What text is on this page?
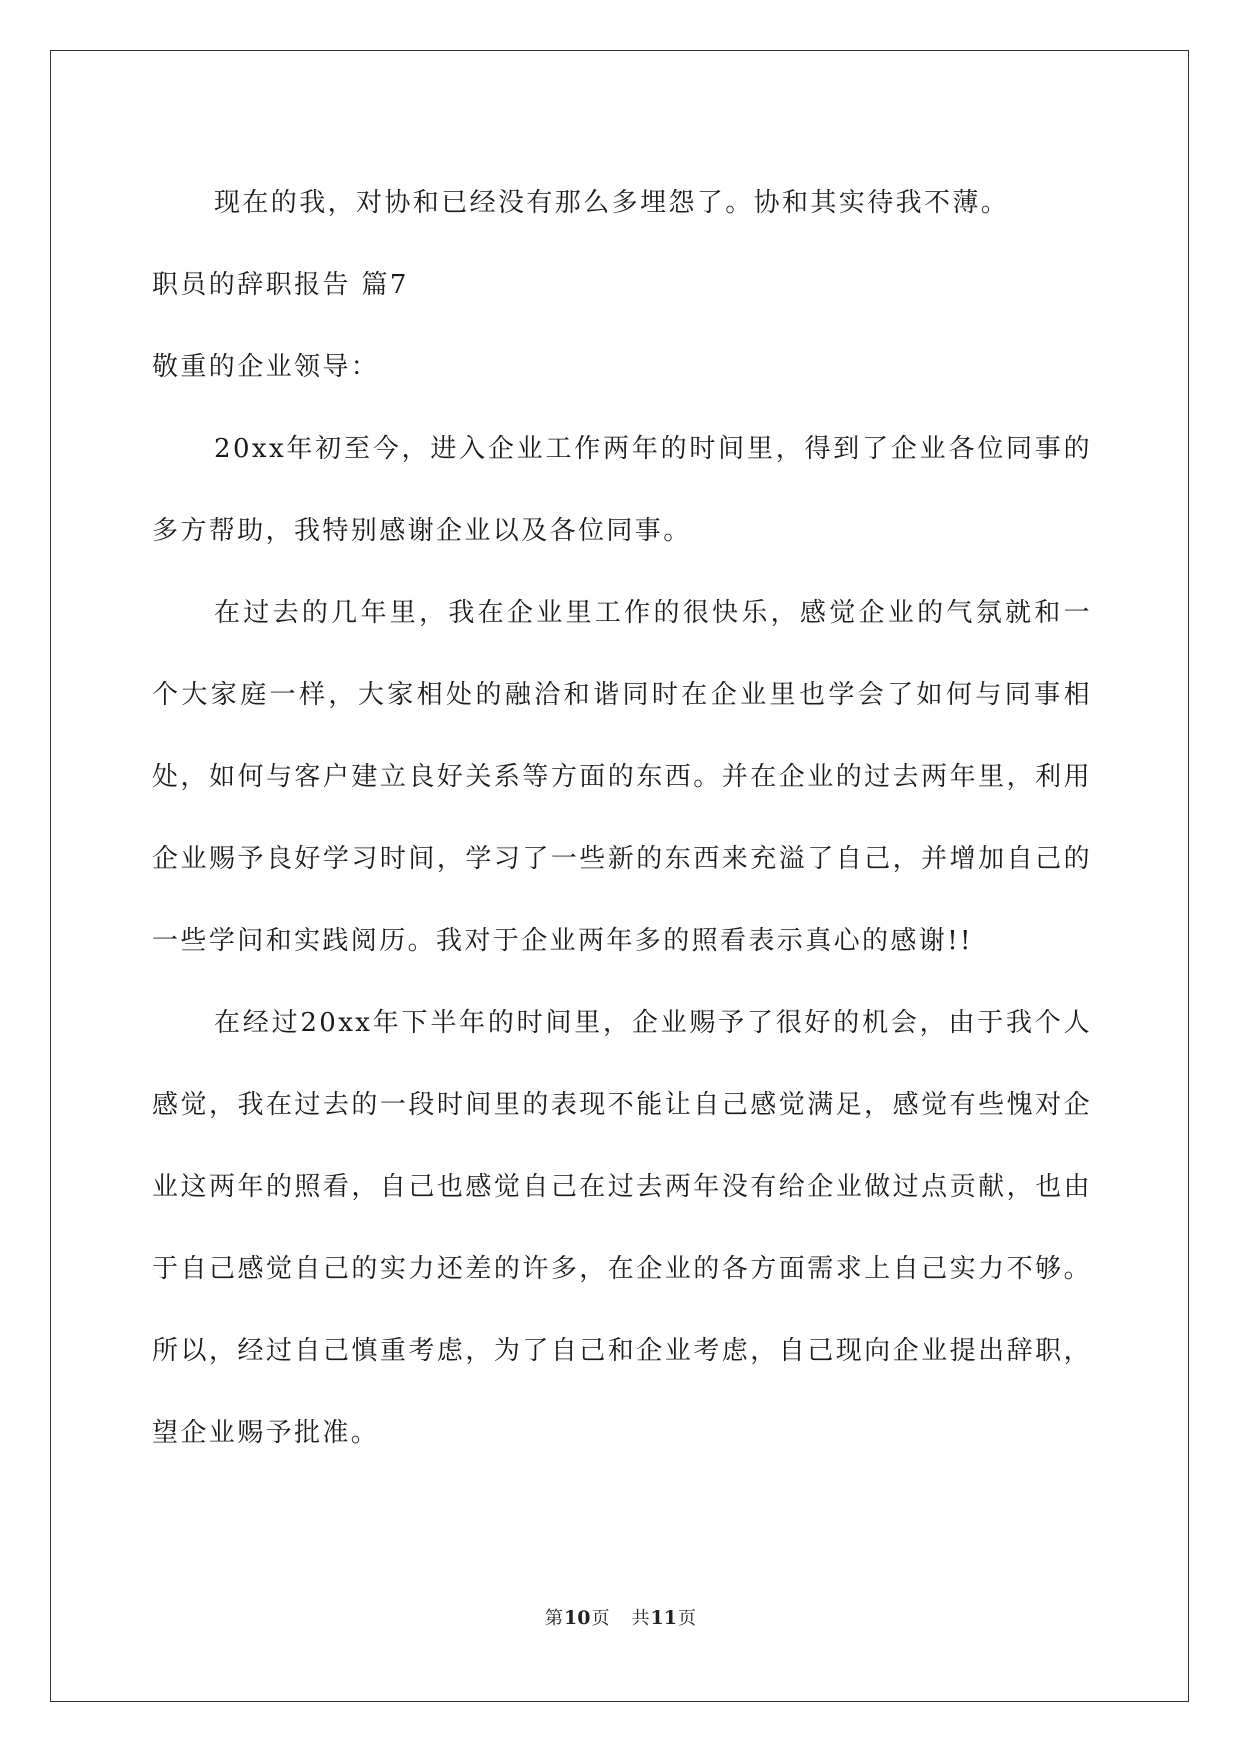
现在的我，对协和已经没有那么多埋怨了。协和其实待我不薄。

职员的辞职报告 篇7

敬重的企业领导：

20xx年初至今，进入企业工作两年的时间里，得到了企业各位同事的多方帮助，我特别感谢企业以及各位同事。

在过去的几年里，我在企业里工作的很快乐，感觉企业的气氛就和一个大家庭一样，大家相处的融洽和谐同时在企业里也学会了如何与同事相处，如何与客户建立良好关系等方面的东西。并在企业的过去两年里，利用企业赐予良好学习时间，学习了一些新的东西来充溢了自己，并增加自己的一些学问和实践阅历。我对于企业两年多的照看表示真心的感谢!!

在经过20xx年下半年的时间里，企业赐予了很好的机会，由于我个人感觉，我在过去的一段时间里的表现不能让自己感觉满足，感觉有些愧对企业这两年的照看，自己也感觉自己在过去两年没有给企业做过点贡献，也由于自己感觉自己的实力还差的许多，在企业的各方面需求上自己实力不够。所以，经过自己慎重考虑，为了自己和企业考虑，自己现向企业提出辞职，望企业赐予批准。

第10页 共11页
